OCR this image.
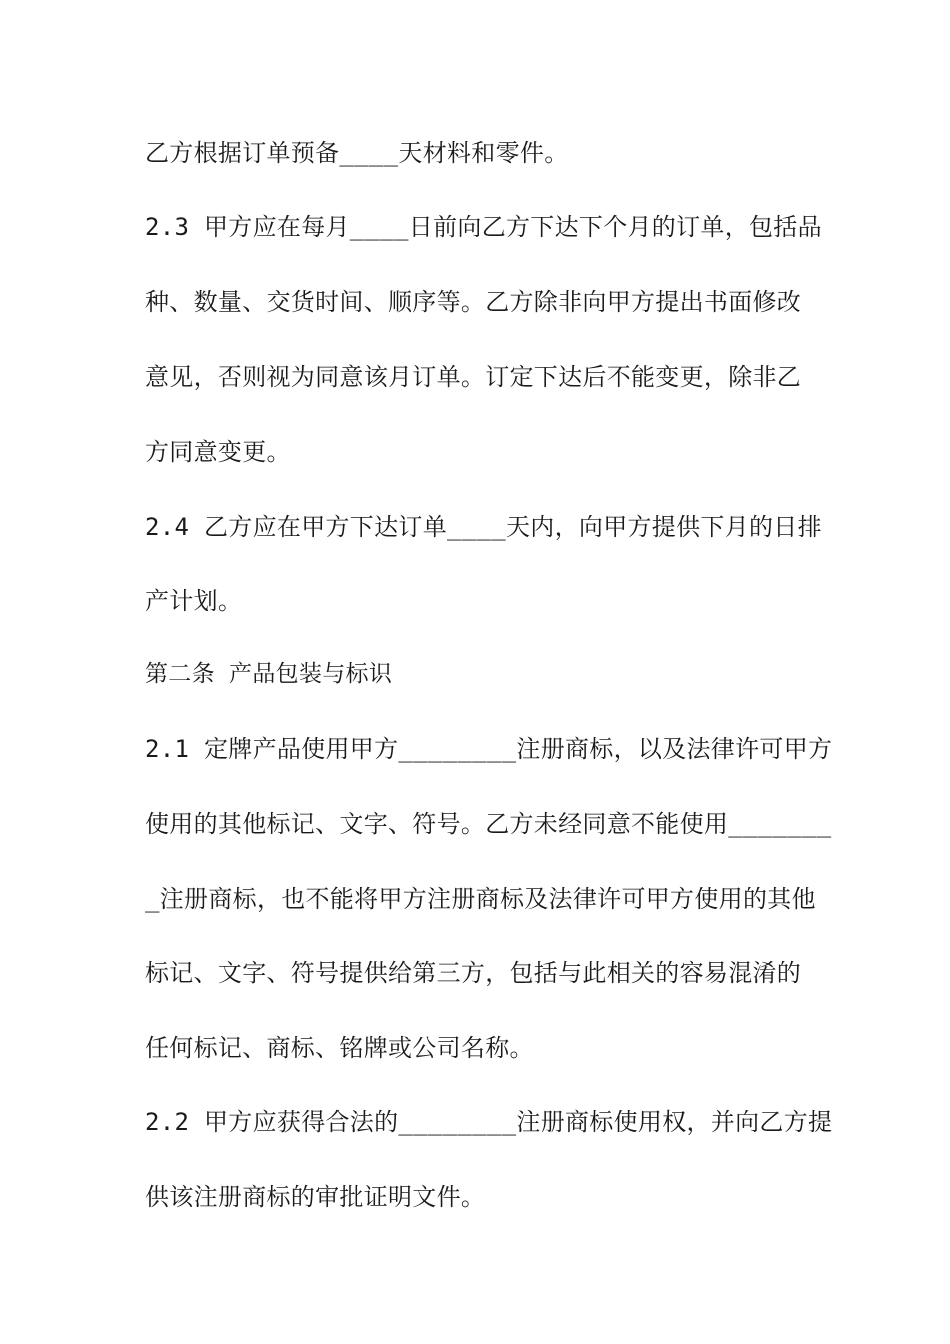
乙方根据订单预备____天材料和零件。
2.3 甲方应在每月____日前向乙方下达下个月的订单，包括品
种、数量、交货时间、顺序等。乙方除非向甲方提出书面修改
意见，否则视为同意该月订单。订定下达后不能变更，除非乙
方同意变更。
2.4 乙方应在甲方下达订单____天内，向甲方提供下月的日排
产计划。
第二条 产品包装与标识
2.1 定牌产品使用甲方________注册商标，以及法律许可甲方
使用的其他标记、文字、符号。乙方未经同意不能使用_______
_注册商标，也不能将甲方注册商标及法律许可甲方使用的其他
标记、文字、符号提供给第三方，包括与此相关的容易混淆的
任何标记、商标、铭牌或公司名称。
2.2 甲方应获得合法的________注册商标使用权，并向乙方提
供该注册商标的审批证明文件。
